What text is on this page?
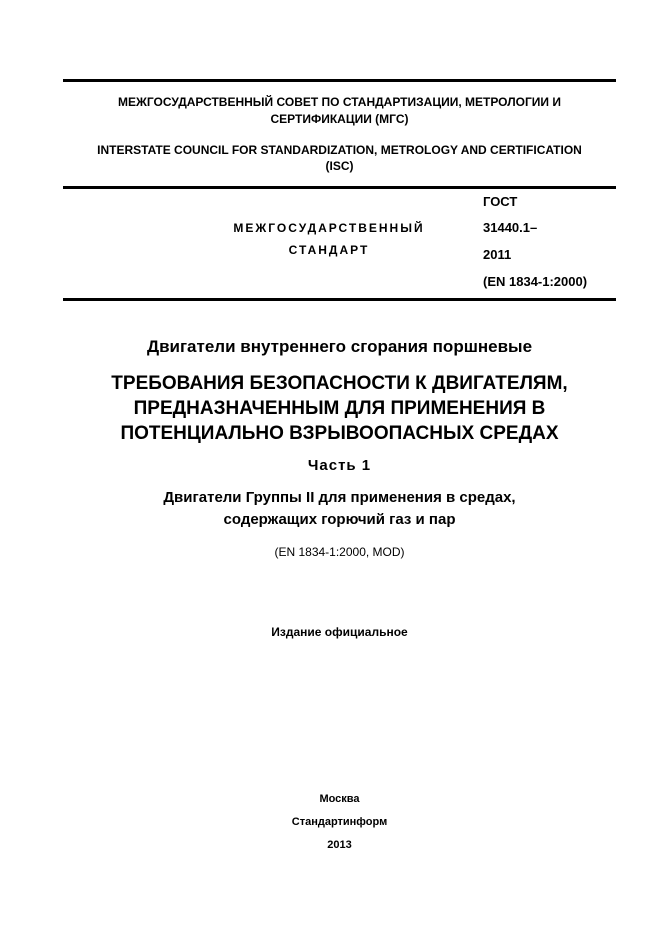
МЕЖГОСУДАРСТВЕННЫЙ СОВЕТ ПО СТАНДАРТИЗАЦИИ, МЕТРОЛОГИИ И
СЕРТИФИКАЦИИ (МГС)
INTERSTATE COUNCIL FOR STANDARDIZATION, METROLOGY AND CERTIFICATION
(ISC)
МЕЖГОСУДАРСТВЕННЫЙ
СТАНДАРТ
ГОСТ
31440.1–
2011
(EN 1834-1:2000)
Двигатели внутреннего сгорания поршневые
ТРЕБОВАНИЯ БЕЗОПАСНОСТИ К ДВИГАТЕЛЯМ,
ПРЕДНАЗНАЧЕННЫМ ДЛЯ ПРИМЕНЕНИЯ В
ПОТЕНЦИАЛЬНО ВЗРЫВООПАСНЫХ СРЕДАХ
Часть 1
Двигатели Группы II для применения в средах,
содержащих горючий газ и пар
(EN 1834-1:2000, MOD)
Издание официальное
Москва
Стандартинформ
2013
